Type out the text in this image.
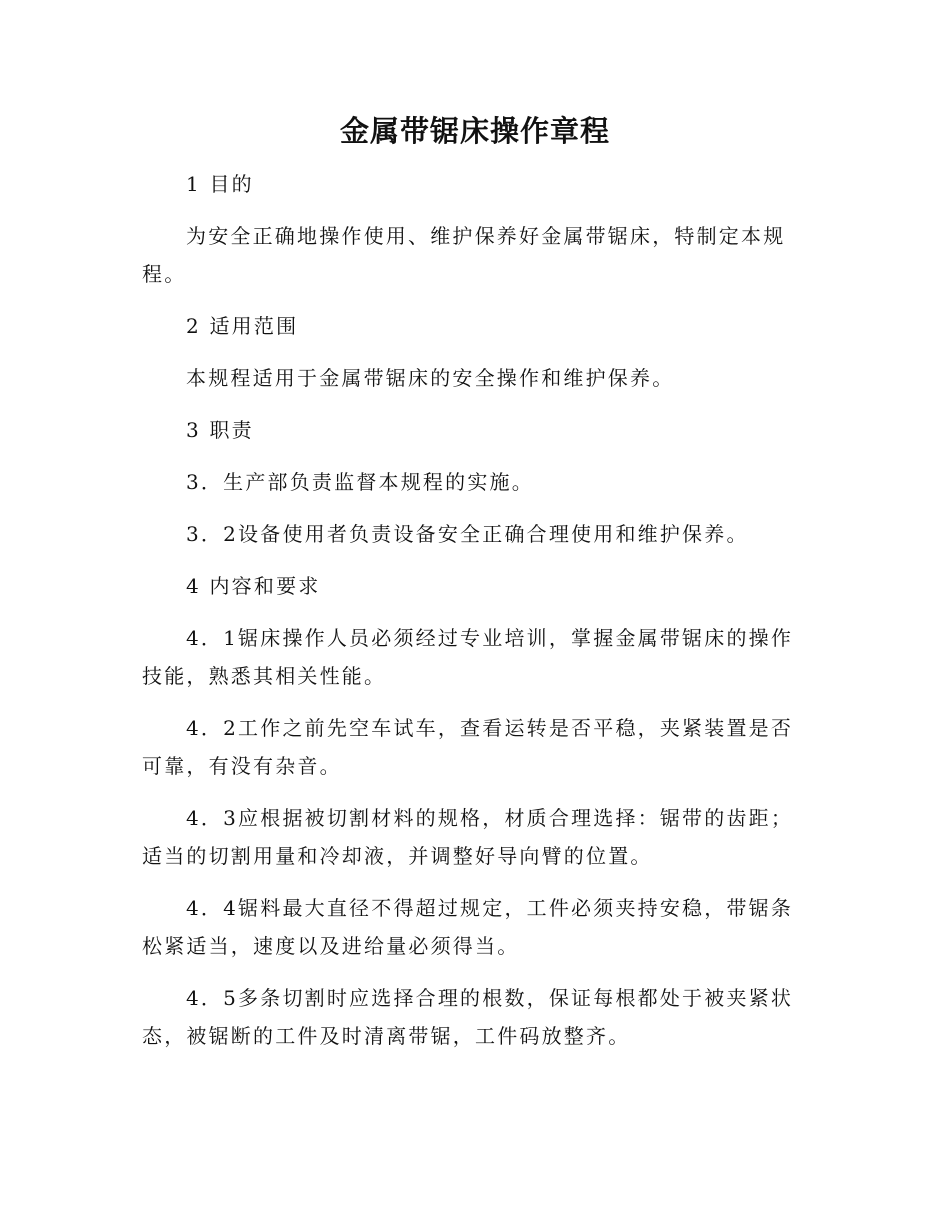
金属带锯床操作章程

1 目的

为安全正确地操作使用、维护保养好金属带锯床，特制定本规程。

2 适用范围

本规程适用于金属带锯床的安全操作和维护保养。

3 职责

3．生产部负责监督本规程的实施。

3．2设备使用者负责设备安全正确合理使用和维护保养。

4 内容和要求

4．1锯床操作人员必须经过专业培训，掌握金属带锯床的操作技能，熟悉其相关性能。

4．2工作之前先空车试车，查看运转是否平稳，夹紧装置是否可靠，有没有杂音。

4．3应根据被切割材料的规格，材质合理选择：锯带的齿距；适当的切割用量和冷却液，并调整好导向臂的位置。

4．4锯料最大直径不得超过规定，工件必须夹持安稳，带锯条松紧适当，速度以及进给量必须得当。

4．5多条切割时应选择合理的根数，保证每根都处于被夹紧状态，被锯断的工件及时清离带锯，工件码放整齐。
